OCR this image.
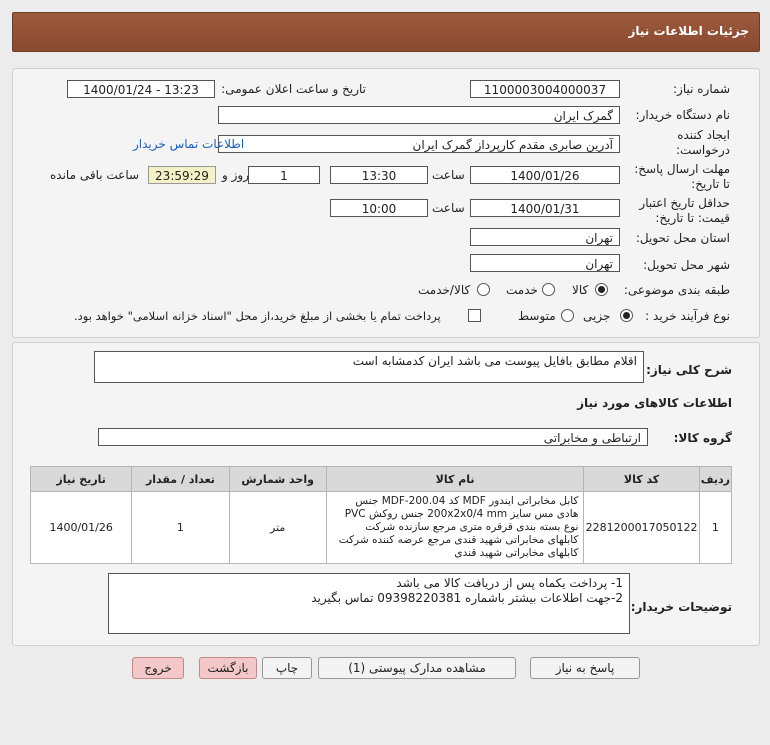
جزئیات اطلاعات نیاز
شماره نیاز:
1100003004000037
تاریخ و ساعت اعلان عمومی:
1400/01/24 - 13:23
نام دستگاه خریدار:
گمرک ایران
ایجاد کننده درخواست:
آدرین صابری مقدم کارپرداز گمرک ایران
اطلاعات تماس خریدار
مهلت ارسال پاسخ: تا تاریخ:
1400/01/26
ساعت
13:30
1
روز و
23:59:29
ساعت باقی مانده
حداقل تاریخ اعتبار قیمت: تا تاریخ:
1400/01/31
ساعت
10:00
استان محل تحویل:
تهران
شهر محل تحویل:
تهران
طبقه بندی موضوعی:
کالا
خدمت
کالا/خدمت
نوع فرآیند خرید :
جزیی
متوسط
پرداخت تمام یا بخشی از مبلغ خرید،از محل "اسناد خزانه اسلامی" خواهد بود.
شرح کلی نیاز:
اقلام مطابق بافایل پیوست می باشد ایران کدمشابه است
اطلاعات کالاهای مورد نیاز
گروه کالا:
ارتباطی و مخابراتی
ردیف	کد کالا	نام کالا	واحد شمارش	تعداد / مقدار	تاریخ نیاز
1	2281200017050122	کابل مخابراتی ایندور MDF کد MDF-200.04 جنس هادی مس سایز 200x2x0/4 mm جنس روکش PVC نوع بسته بندی قرقره متری مرجع سازنده شرکت کابلهای مخابراتی شهید قندی مرجع عرضه کننده شرکت کابلهای مخابراتی شهید قندی	متر	1	1400/01/26
توضیحات خریدار:
1- پرداخت یکماه پس از دریافت کالا می باشد
2-جهت اطلاعات بیشتر باشماره 09398220381 تماس بگیرید
پاسخ به نیاز
مشاهده مدارک پیوستی (1)
چاپ
بازگشت
خروج
